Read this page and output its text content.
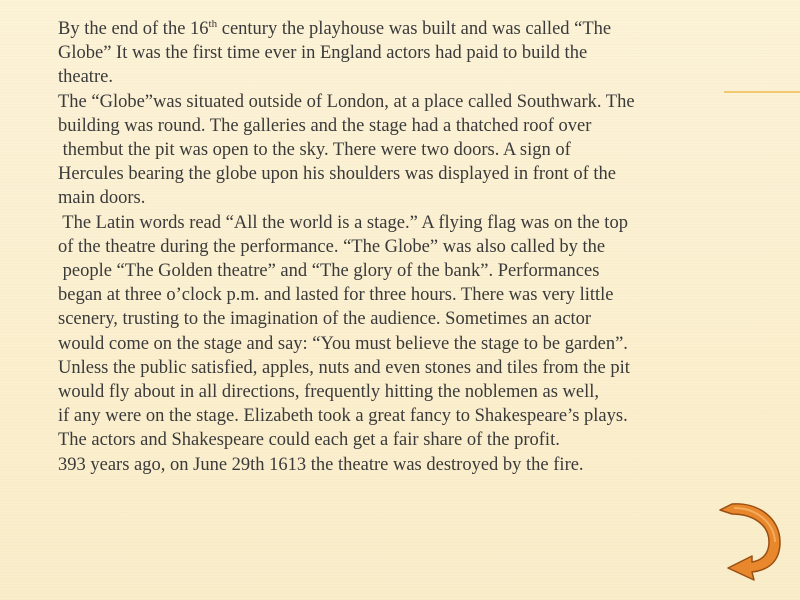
By the end of the 16th century the playhouse was built and was called “The
Globe” It was the first time ever in England actors had paid to build the
theatre.
The “Globe”was situated outside of London, at a place called Southwark. The
building was round. The galleries and the stage had a thatched roof over
thembut the pit was open to the sky. There were two doors. A sign of
Hercules bearing the globe upon his shoulders was displayed in front of the
main doors.
The Latin words read “All the world is a stage.” A flying flag was on the top
of the theatre during the performance. “The Globe” was also called by the
people “The Golden theatre” and “The glory of the bank”. Performances
began at three o’clock p.m. and lasted for three hours. There was very little
scenery, trusting to the imagination of the audience. Sometimes an actor
would come on the stage and say: “You must believe the stage to be garden”.
Unless the public satisfied, apples, nuts and even stones and tiles from the pit
would fly about in all directions, frequently hitting the noblemen as well,
if any were on the stage. Elizabeth took a great fancy to Shakespeare’s plays.
The actors and Shakespeare could each get a fair share of the profit.
393 years ago, on June 29th 1613 the theatre was destroyed by the fire.
